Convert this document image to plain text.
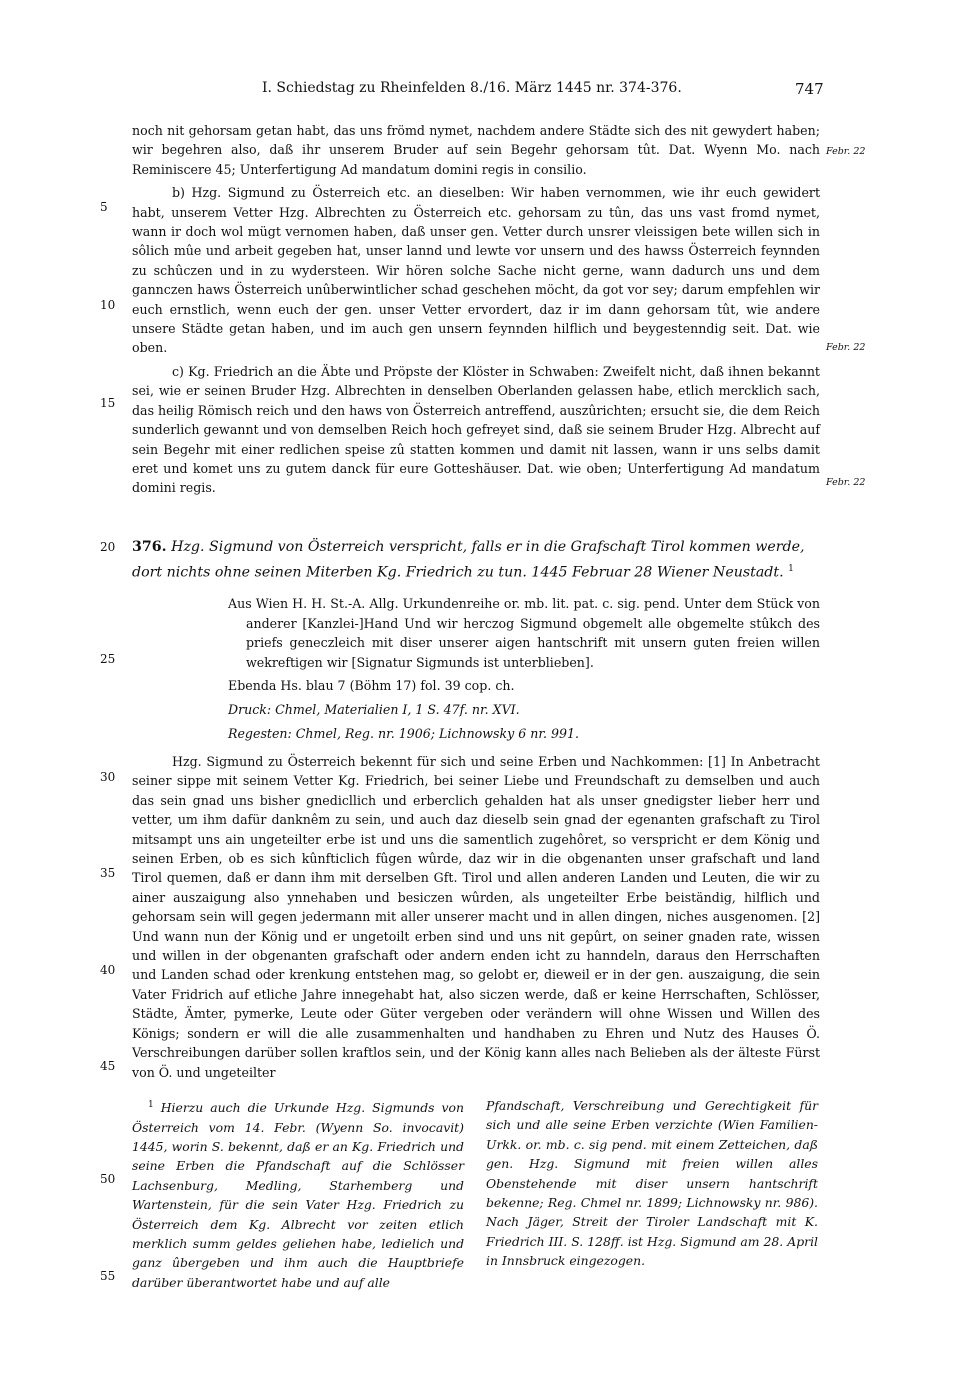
I. Schiedstag zu Rheinfelden 8./16. März 1445 nr. 374-376.	747
5
10
15
20
25
30
35
40
45
50
55
Febr. 22
Febr. 22
Febr. 22

noch nit gehorsam getan habt, das uns frömd nymet, nachdem andere Städte sich des nit gewydert haben; wir begehren also, daß ihr unserem Bruder auf sein Begehr gehorsam tût. Dat. Wyenn Mo. nach Reminiscere 45; Unterfertigung Ad mandatum domini regis in consilio.

b) Hzg. Sigmund zu Österreich etc. an dieselben: Wir haben vernommen, wie ihr euch gewidert habt, unserem Vetter Hzg. Albrechten zu Österreich etc. gehorsam zu tûn, das uns vast fromd nymet, wann ir doch wol mügt vernomen haben, daß unser gen. Vetter durch unsrer vleissigen bete willen sich in sôlich mûe und arbeit gegeben hat, unser lannd und lewte vor unsern und des hawss Österreich feynnden zu schûczen und in zu wydersteen. Wir hören solche Sache nicht gerne, wann dadurch uns und dem gannczen haws Österreich unûberwintlicher schad geschehen möcht, da got vor sey; darum empfehlen wir euch ernstlich, wenn euch der gen. unser Vetter ervordert, daz ir im dann gehorsam tût, wie andere unsere Städte getan haben, und im auch gen unsern feynnden hilflich und beygestenndig seit. Dat. wie oben.

c) Kg. Friedrich an die Äbte und Pröpste der Klöster in Schwaben: Zweifelt nicht, daß ihnen bekannt sei, wie er seinen Bruder Hzg. Albrechten in denselben Oberlanden gelassen habe, etlich mercklich sach, das heilig Römisch reich und den haws von Österreich antreffend, auszûrichten; ersucht sie, die dem Reich sunderlich gewannt und von demselben Reich hoch gefreyet sind, daß sie seinem Bruder Hzg. Albrecht auf sein Begehr mit einer redlichen speise zû statten kommen und damit nit lassen, wann ir uns selbs damit eret und komet uns zu gutem danck für eure Gotteshäuser. Dat. wie oben; Unterfertigung Ad mandatum domini regis.

376. Hzg. Sigmund von Österreich verspricht, falls er in die Grafschaft Tirol kommen werde, dort nichts ohne seinen Miterben Kg. Friedrich zu tun. 1445 Februar 28 Wiener Neustadt. $^1$

Aus Wien H. H. St.-A. Allg. Urkundenreihe or. mb. lit. pat. c. sig. pend. Unter dem Stück von anderer [Kanzlei-]Hand Und wir herczog Sigmund obgemelt alle obgemelte stûkch des priefs geneczleich mit diser unserer aigen hantschrift mit unsern guten freien willen wekreftigen wir [Signatur Sigmunds ist unterblieben].

Ebenda Hs. blau 7 (Böhm 17) fol. 39 cop. ch.

Druck: Chmel, Materialien I, 1 S. 47f. nr. XVI.

Regesten: Chmel, Reg. nr. 1906; Lichnowsky 6 nr. 991.

Hzg. Sigmund zu Österreich bekennt für sich und seine Erben und Nachkommen: [1] In Anbetracht seiner sippe mit seinem Vetter Kg. Friedrich, bei seiner Liebe und Freundschaft zu demselben und auch das sein gnad uns bisher gnedicllich und erberclich gehalden hat als unser gnedigster lieber herr und vetter, um ihm dafür danknêm zu sein, und auch daz dieselb sein gnad der egenanten grafschaft zu Tirol mitsampt uns ain ungeteilter erbe ist und uns die samentlich zugehôret, so verspricht er dem König und seinen Erben, ob es sich kûnfticlich fûgen wûrde, daz wir in die obgenanten unser grafschaft und land Tirol quemen, daß er dann ihm mit derselben Gft. Tirol und allen anderen Landen und Leuten, die wir zu ainer auszaigung also ynnehaben und besiczen wûrden, als ungeteilter Erbe beiständig, hilflich und gehorsam sein will gegen jedermann mit aller unserer macht und in allen dingen, niches ausgenomen. [2] Und wann nun der König und er ungetoilt erben sind und uns nit gepûrt, on seiner gnaden rate, wissen und willen in der obgenanten grafschaft oder andern enden icht zu hanndeln, daraus den Herrschaften und Landen schad oder krenkung entstehen mag, so gelobt er, dieweil er in der gen. auszaigung, die sein Vater Fridrich auf etliche Jahre innegehabt hat, also siczen werde, daß er keine Herrschaften, Schlösser, Städte, Ämter, pymerke, Leute oder Güter vergeben oder verändern will ohne Wissen und Willen des Königs; sondern er will die alle zusammenhalten und handhaben zu Ehren und Nutz des Hauses Ö. Verschreibungen darüber sollen kraftlos sein, und der König kann alles nach Belieben als der älteste Fürst von Ö. und ungeteilter

$^1$ Hierzu auch die Urkunde Hzg. Sigmunds von Österreich vom 14. Febr. (Wyenn So. invocavit) 1445, worin S. bekennt, daß er an Kg. Friedrich und seine Erben die Pfandschaft auf die Schlösser Lachsenburg, Medling, Starhemberg und Wartenstein, für die sein Vater Hzg. Friedrich zu Österreich dem Kg. Albrecht vor zeiten etlich merklich summ geldes geliehen habe, ledielich und ganz ûbergeben und ihm auch die Hauptbriefe darüber überantwortet habe und auf alle

Pfandschaft, Verschreibung und Gerechtigkeit für sich und alle seine Erben verzichte (Wien Familien-Urkk. or. mb. c. sig pend. mit einem Zetteichen, daß gen. Hzg. Sigmund mit freien willen alles Obenstehende mit diser unsern hantschrift bekenne; Reg. Chmel nr. 1899; Lichnowsky nr. 986). Nach Jäger, Streit der Tiroler Landschaft mit K. Friedrich III. S. 128ff. ist Hzg. Sigmund am 28. April in Innsbruck eingezogen.
